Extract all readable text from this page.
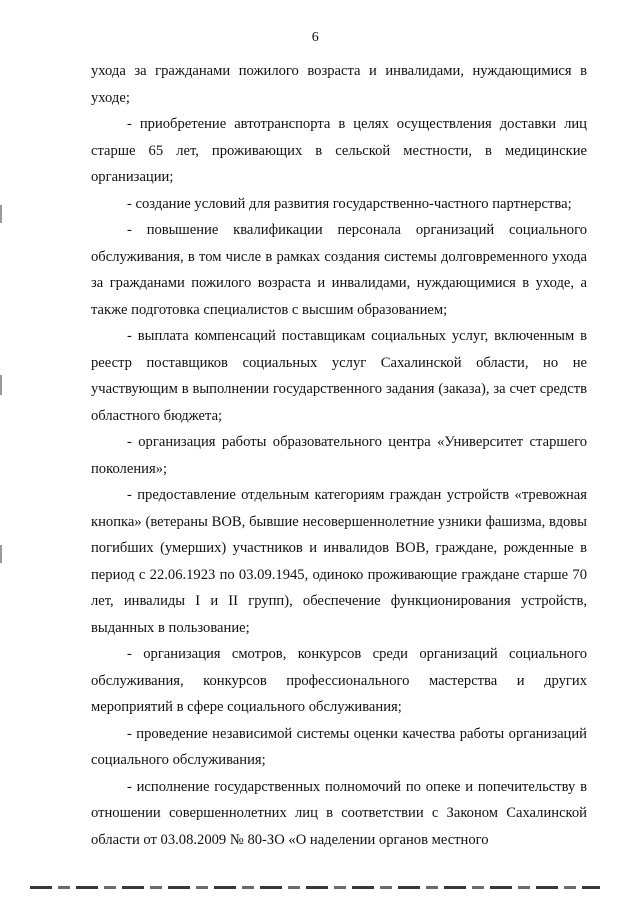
6

ухода за гражданами пожилого возраста и инвалидами, нуждающимися в уходе;

- приобретение автотранспорта в целях осуществления доставки лиц старше 65 лет, проживающих в сельской местности, в медицинские организации;

- создание условий для развития государственно-частного партнерства;

- повышение квалификации персонала организаций социального обслуживания, в том числе в рамках создания системы долговременного ухода за гражданами пожилого возраста и инвалидами, нуждающимися в уходе, а также подготовка специалистов с высшим образованием;

- выплата компенсаций поставщикам социальных услуг, включенным в реестр поставщиков социальных услуг Сахалинской области, но не участвующим в выполнении государственного задания (заказа), за счет средств областного бюджета;

- организация работы образовательного центра «Университет старшего поколения»;

- предоставление отдельным категориям граждан устройств «тревожная кнопка» (ветераны ВОВ, бывшие несовершеннолетние узники фашизма, вдовы погибших (умерших) участников и инвалидов ВОВ, граждане, рожденные в период с 22.06.1923 по 03.09.1945, одиноко проживающие граждане старше 70 лет, инвалиды I и II групп), обеспечение функционирования устройств, выданных в пользование;

- организация смотров, конкурсов среди организаций социального обслуживания, конкурсов профессионального мастерства и других мероприятий в сфере социального обслуживания;

- проведение независимой системы оценки качества работы организаций социального обслуживания;

- исполнение государственных полномочий по опеке и попечительству в отношении совершеннолетних лиц в соответствии с Законом Сахалинской области от 03.08.2009 № 80-ЗО «О наделении органов местного
